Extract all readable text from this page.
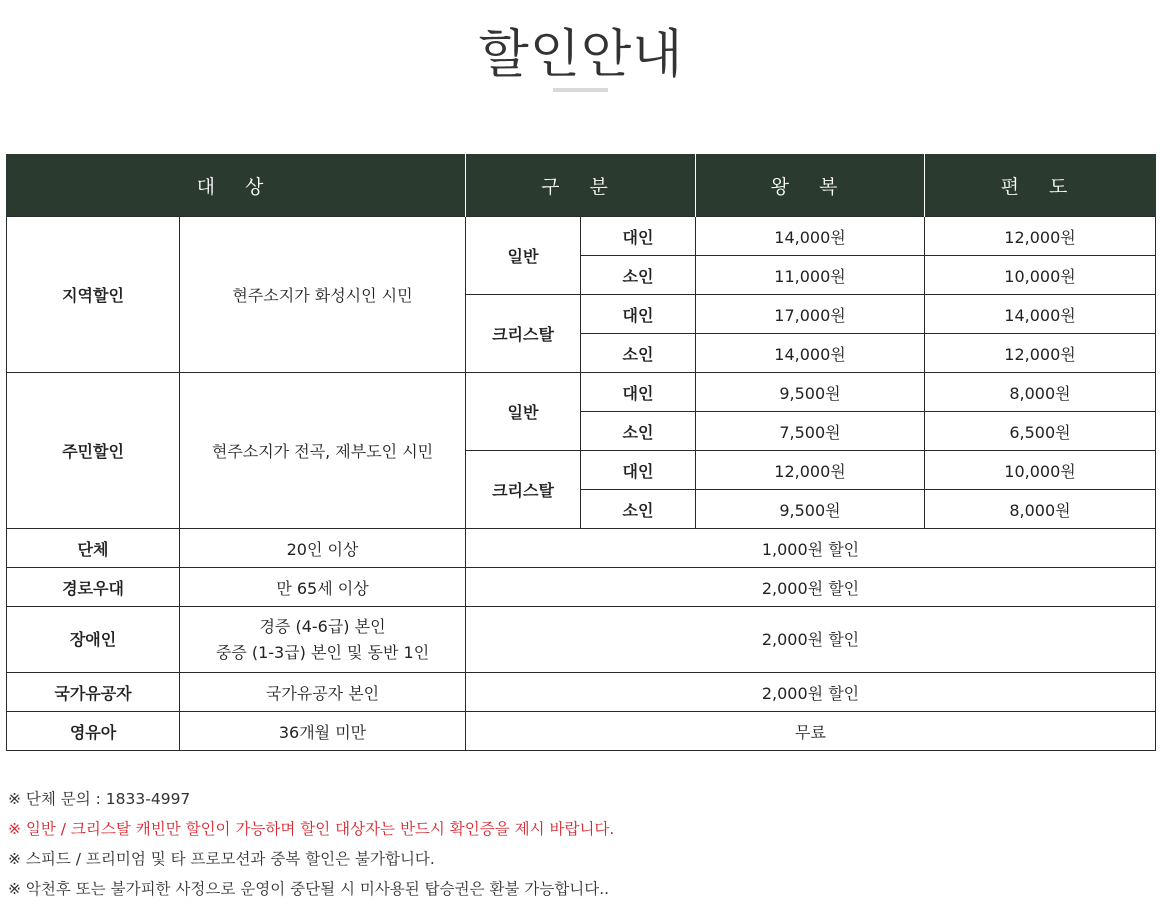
할인안내
대 상		구 분		왕 복	편 도
지역할인	현주소지가 화성시인 시민	일반	대인	14,000원	12,000원
			소인	11,000원	10,000원
		크리스탈	대인	17,000원	14,000원
			소인	14,000원	12,000원
주민할인	현주소지가 전곡, 제부도인 시민	일반	대인	9,500원	8,000원
			소인	7,500원	6,500원
		크리스탈	대인	12,000원	10,000원
			소인	9,500원	8,000원
단체	20인 이상	1,000원 할인			
경로우대	만 65세 이상	2,000원 할인			
장애인	경증 (4-6급) 본인
중증 (1-3급) 본인 및 동반 1인	2,000원 할인			
국가유공자	국가유공자 본인	2,000원 할인			
영유아	36개월 미만	무료			
※ 단체 문의 : 1833-4997
※ 일반 / 크리스탈 캐빈만 할인이 가능하며 할인 대상자는 반드시 확인증을 제시 바랍니다.
※ 스피드 / 프리미엄 및 타 프로모션과 중복 할인은 불가합니다.
※ 악천후 또는 불가피한 사정으로 운영이 중단될 시 미사용된 탑승권은 환불 가능합니다..
